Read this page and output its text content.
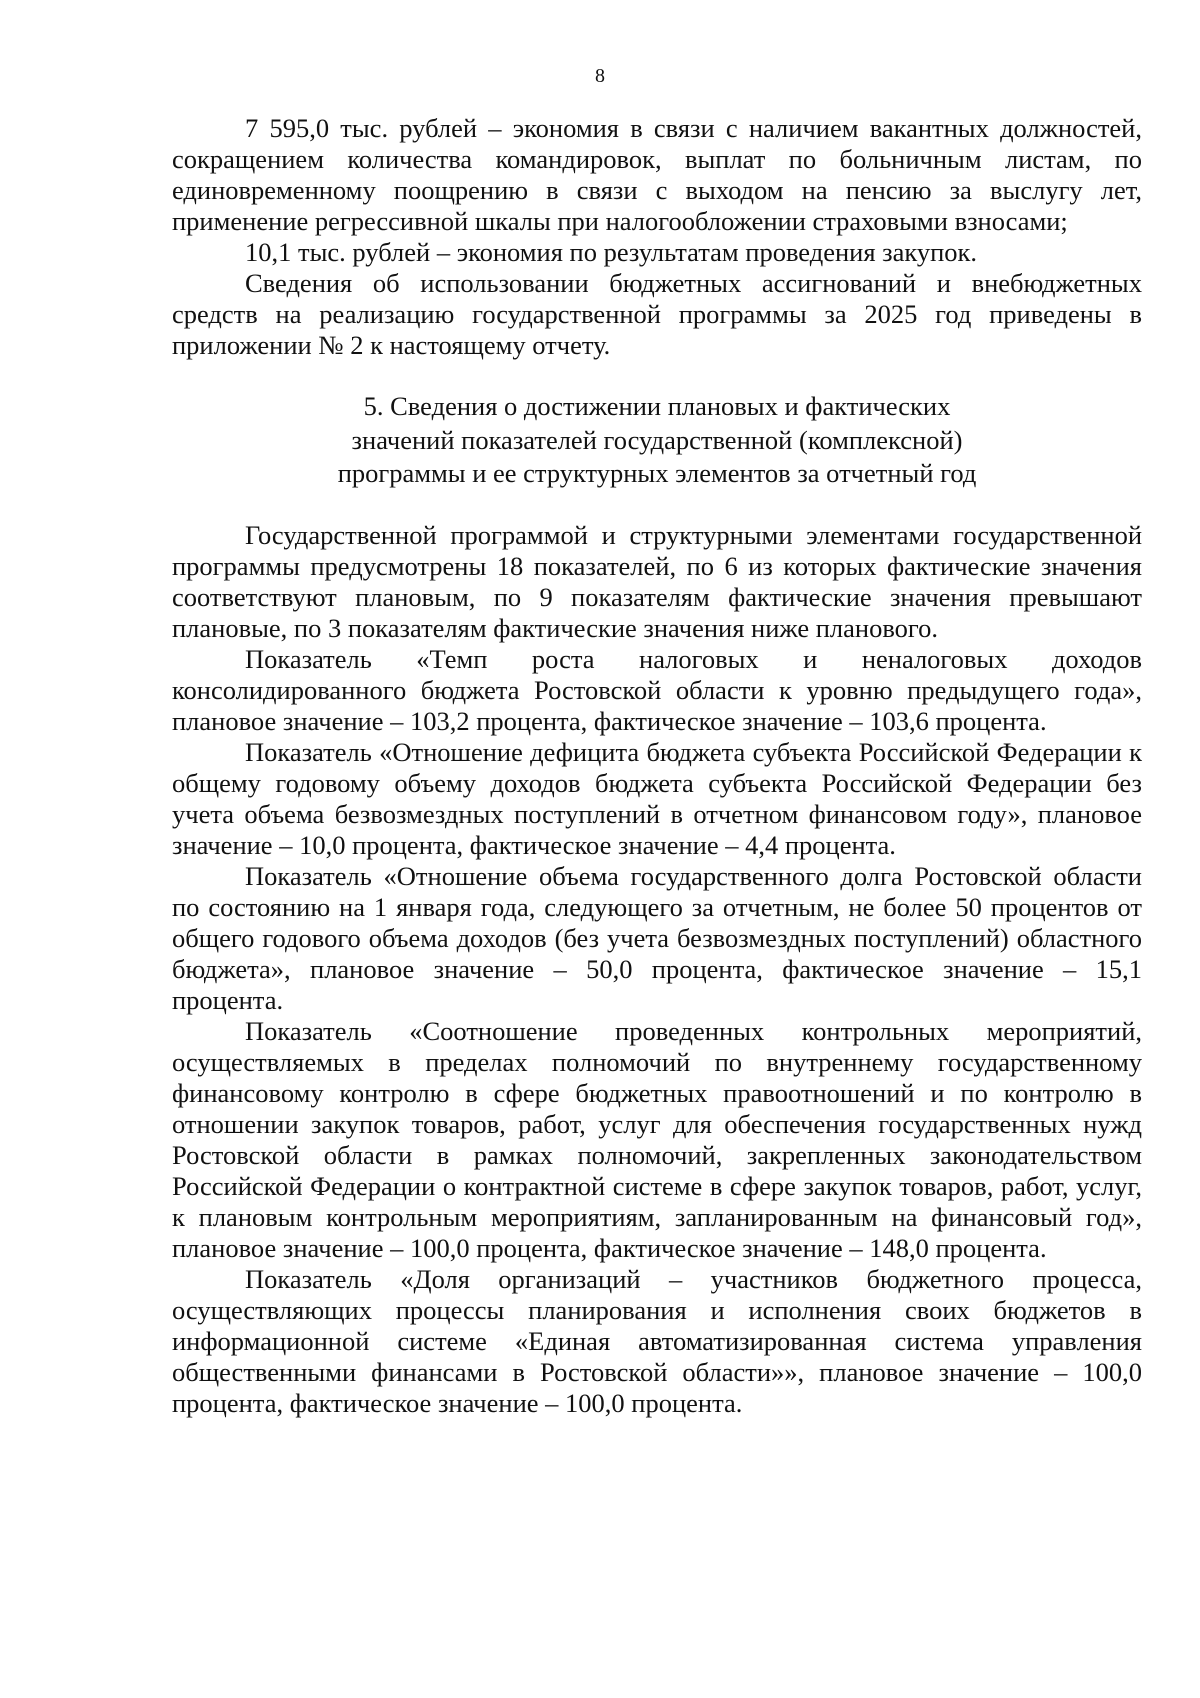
8

7 595,0 тыс. рублей – экономия в связи с наличием вакантных должностей, сокращением количества командировок, выплат по больничным листам, по единовременному поощрению в связи с выходом на пенсию за выслугу лет, применение регрессивной шкалы при налогообложении страховыми взносами;

10,1 тыс. рублей – экономия по результатам проведения закупок.

Сведения об использовании бюджетных ассигнований и внебюджетных средств на реализацию государственной программы за 2025 год приведены в приложении № 2 к настоящему отчету.

5. Сведения о достижении плановых и фактических
значений показателей государственной (комплексной)
программы и ее структурных элементов за отчетный год

Государственной программой и структурными элементами государственной программы предусмотрены 18 показателей, по 6 из которых фактические значения соответствуют плановым, по 9 показателям фактические значения превышают плановые, по 3 показателям фактические значения ниже планового.

Показатель «Темп роста налоговых и неналоговых доходов консолидированного бюджета Ростовской области к уровню предыдущего года», плановое значение – 103,2 процента, фактическое значение – 103,6 процента.

Показатель «Отношение дефицита бюджета субъекта Российской Федерации к общему годовому объему доходов бюджета субъекта Российской Федерации без учета объема безвозмездных поступлений в отчетном финансовом году», плановое значение – 10,0 процента, фактическое значение – 4,4 процента.

Показатель «Отношение объема государственного долга Ростовской области по состоянию на 1 января года, следующего за отчетным, не более 50 процентов от общего годового объема доходов (без учета безвозмездных поступлений) областного бюджета», плановое значение – 50,0 процента, фактическое значение – 15,1 процента.

Показатель «Соотношение проведенных контрольных мероприятий, осуществляемых в пределах полномочий по внутреннему государственному финансовому контролю в сфере бюджетных правоотношений и по контролю в отношении закупок товаров, работ, услуг для обеспечения государственных нужд Ростовской области в рамках полномочий, закрепленных законодательством Российской Федерации о контрактной системе в сфере закупок товаров, работ, услуг, к плановым контрольным мероприятиям, запланированным на финансовый год», плановое значение – 100,0 процента, фактическое значение – 148,0 процента.

Показатель «Доля организаций – участников бюджетного процесса, осуществляющих процессы планирования и исполнения своих бюджетов в информационной системе «Единая автоматизированная система управления общественными финансами в Ростовской области»», плановое значение – 100,0 процента, фактическое значение – 100,0 процента.
